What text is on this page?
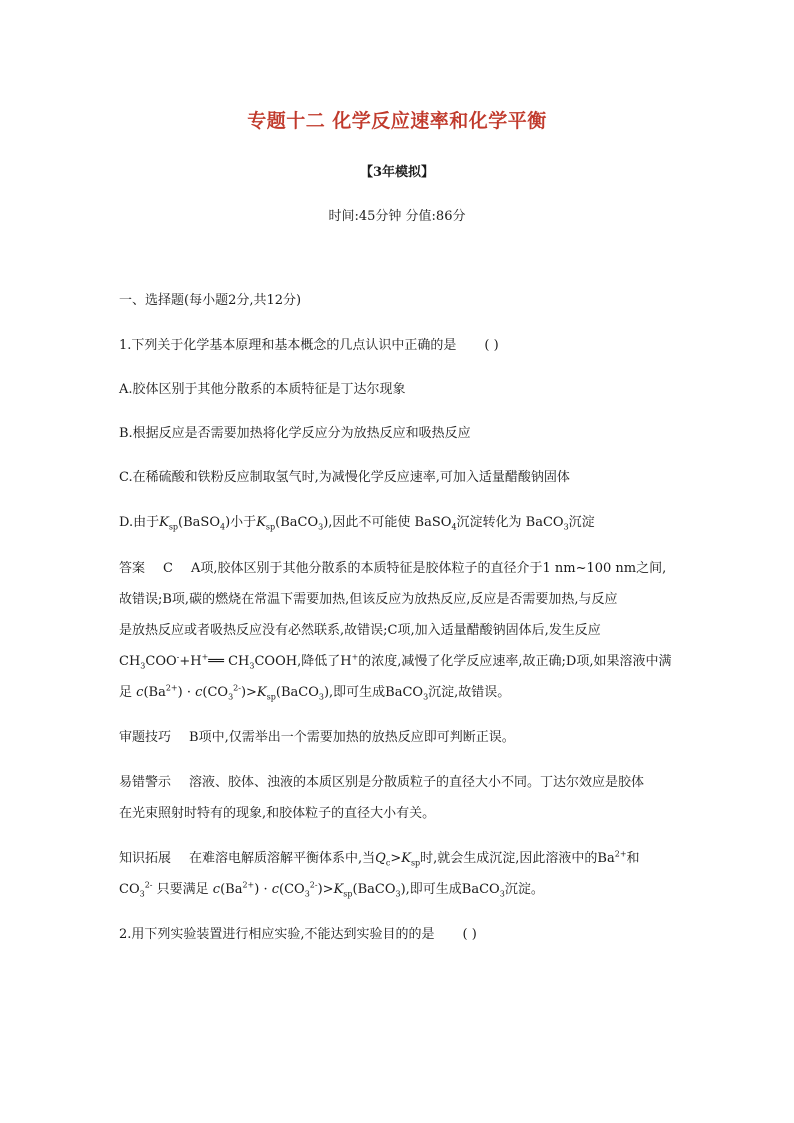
专题十二 化学反应速率和化学平衡
【3年模拟】
时间:45分钟 分值:86分
一、选择题(每小题2分,共12分)
1.下列关于化学基本原理和基本概念的几点认识中正确的是 ( )
A.胶体区别于其他分散系的本质特征是丁达尔现象
B.根据反应是否需要加热将化学反应分为放热反应和吸热反应
C.在稀硫酸和铁粉反应制取氢气时,为减慢化学反应速率,可加入适量醋酸钠固体
D.由于$K_{sp}(BaSO_4)$小于$K_{sp}(BaCO_3)$,因此不可能使 BaSO$_4$沉淀转化为 BaCO$_3$沉淀
答案 C A项,胶体区别于其他分散系的本质特征是胶体粒子的直径介于1 nm~100 nm之间,
故错误;B项,碳的燃烧在常温下需要加热,但该反应为放热反应,反应是否需要加热,与反应
是放热反应或者吸热反应没有必然联系,故错误;C项,加入适量醋酸钠固体后,发生反应
$CH_3COO^-+H^+══$ $CH_3COOH$,降低了H+的浓度,减慢了化学反应速率,故正确;D项,如果溶液中满
足 $c(Ba^{2+})$ · $c(CO_3^{2-})>K_{sp}(BaCO_3)$,即可生成BaCO$_3$沉淀,故错误。
审题技巧 B项中,仅需举出一个需要加热的放热反应即可判断正误。
易错警示 溶液、胶体、浊液的本质区别是分散质粒子的直径大小不同。丁达尔效应是胶体
在光束照射时特有的现象,和胶体粒子的直径大小有关。
知识拓展 在难溶电解质溶解平衡体系中,当$Q_c>K_{sp}$时,就会生成沉淀,因此溶液中的$Ba^{2+}$和
$CO_3^{2-}$ 只要满足 $c(Ba^{2+})$ · $c(CO_3^{2-})>K_{sp}(BaCO_3)$,即可生成BaCO$_3$沉淀。
2.用下列实验装置进行相应实验,不能达到实验目的的是 ( )
